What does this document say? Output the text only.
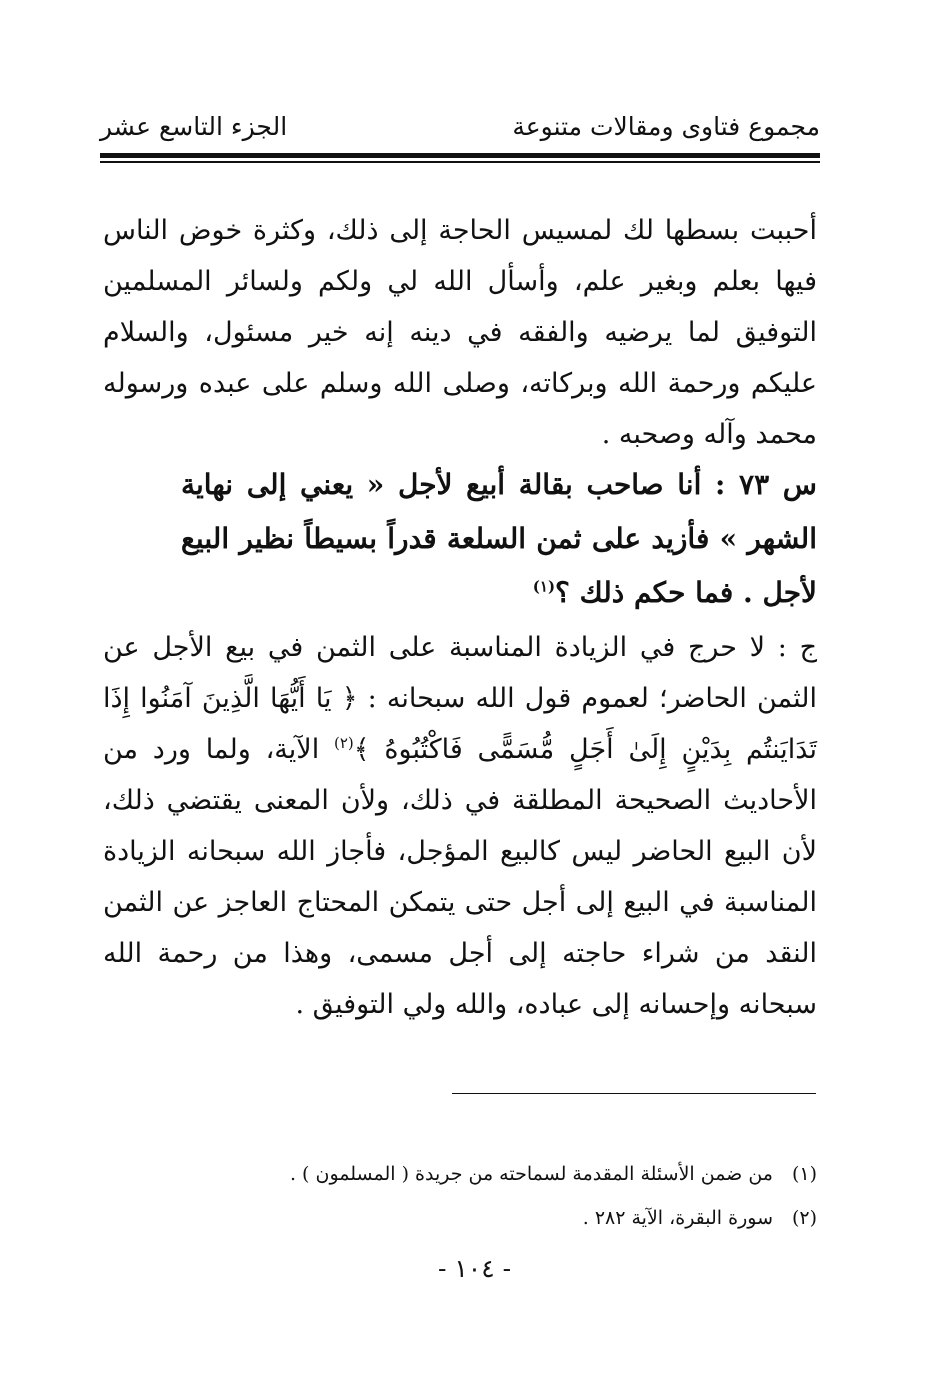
مجموع فتاوى ومقالات متنوعة
الجزء التاسع عشر
أحببت بسطها لك لمسيس الحاجة إلى ذلك، وكثرة خوض الناس فيها بعلم وبغير علم، وأسأل الله لي ولكم ولسائر المسلمين التوفيق لما يرضيه والفقه في دينه إنه خير مسئول، والسلام عليكم ورحمة الله وبركاته، وصلى الله وسلم على عبده ورسوله محمد وآله وصحبه .
س ٧٣ : أنا صاحب بقالة أبيع لأجل « يعني إلى نهاية الشهر » فأزيد على ثمن السلعة قدراً بسيطاً نظير البيع لأجل . فما حكم ذلك ؟$^{(١)}$
ج : لا حرج في الزيادة المناسبة على الثمن في بيع الأجل عن الثمن الحاضر؛ لعموم قول الله سبحانه : ﴿ يَا أَيُّهَا الَّذِينَ آمَنُوا إِذَا تَدَايَنتُم بِدَيْنٍ إِلَىٰ أَجَلٍ مُّسَمًّى فَاكْتُبُوهُ ﴾$^{(٢)}$ الآية، ولما ورد من الأحاديث الصحيحة المطلقة في ذلك، ولأن المعنى يقتضي ذلك، لأن البيع الحاضر ليس كالبيع المؤجل، فأجاز الله سبحانه الزيادة المناسبة في البيع إلى أجل حتى يتمكن المحتاج العاجز عن الثمن النقد من شراء حاجته إلى أجل مسمى، وهذا من رحمة الله سبحانه وإحسانه إلى عباده، والله ولي التوفيق .
(١)من ضمن الأسئلة المقدمة لسماحته من جريدة ( المسلمون ) .
(٢)سورة البقرة، الآية ٢٨٢ .
- ١٠٤ -
